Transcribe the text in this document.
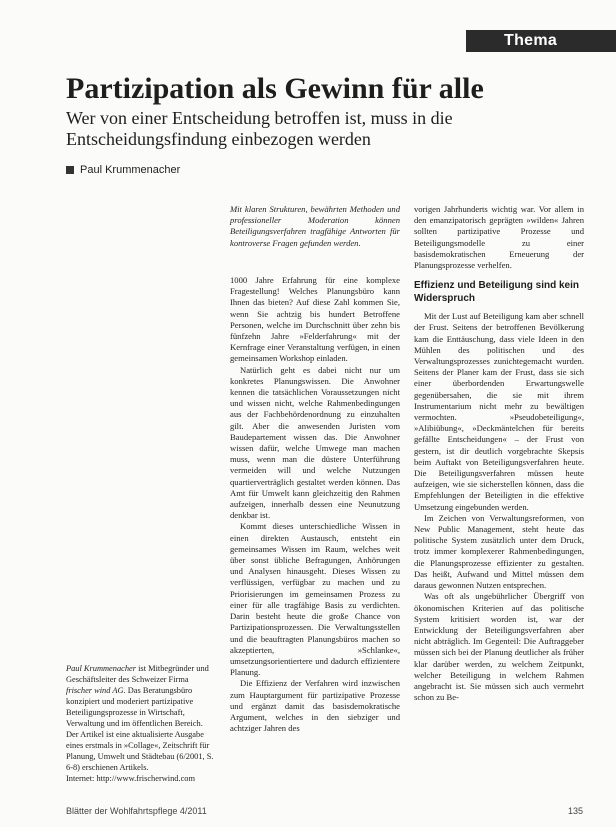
Thema
Partizipation als Gewinn für alle
Wer von einer Entscheidung betroffen ist, muss in die Entscheidungsfindung einbezogen werden
Paul Krummenacher

Mit klaren Strukturen, bewährten Methoden und professioneller Moderation können Beteiligungsverfahren tragfähige Antworten für kontroverse Fragen gefunden werden.

1000 Jahre Erfahrung für eine komplexe Fragestellung! Welches Planungsbüro kann Ihnen das bieten? Auf diese Zahl kommen Sie, wenn Sie achtzig bis hundert Betroffene Personen, welche im Durchschnitt über zehn bis fünfzehn Jahre »Felderfahrung« mit der Kernfrage einer Veranstaltung verfügen, in einen gemeinsamen Workshop einladen.

Natürlich geht es dabei nicht nur um konkretes Planungswissen. Die Anwohner kennen die tatsächlichen Voraussetzungen nicht und wissen nicht, welche Rahmenbedingungen aus der Fachbehördenordnung zu einzuhalten gilt. Aber die anwesenden Juristen vom Baudepartement wissen das. Die Anwohner wissen dafür, welche Umwege man machen muss, wenn man die düstere Unterführung vermeiden will und welche Nutzungen quartierverträglich gestaltet werden können. Das Amt für Umwelt kann gleichzeitig den Rahmen aufzeigen, innerhalb dessen eine Neunutzung denkbar ist.

Kommt dieses unterschiedliche Wissen in einen direkten Austausch, entsteht ein gemeinsames Wissen im Raum, welches weit über sonst übliche Befragungen, Anhörungen und Analysen hinausgeht. Dieses Wissen zu verflüssigen, verfügbar zu machen und zu Priorisierungen im gemeinsamen Prozess zu einer für alle tragfähige Basis zu verdichten. Darin besteht heute die große Chance von Partizipationsprozessen. Die Verwaltungsstellen und die beauftragten Planungsbüros machen so akzeptierten, »Schlanke«, umsetzungsorientiertere und dadurch effizientere Planung.

Die Effizienz der Verfahren wird inzwischen zum Hauptargument für partizipative Prozesse und ergänzt damit das basisdemokratische Argument, welches in den siebziger und achtziger Jahren des

vorigen Jahrhunderts wichtig war. Vor allem in den emanzipatorisch geprägten »wilden« Jahren sollten partizipative Prozesse und Beteiligungsmodelle zu einer basisdemokratischen Erneuerung der Planungsprozesse verhelfen.

Effizienz und Beteiligung sind kein Widerspruch

Mit der Lust auf Beteiligung kam aber schnell der Frust. Seitens der betroffenen Bevölkerung kam die Enttäuschung, dass viele Ideen in den Mühlen des politischen und des Verwaltungsprozesses zunichtegemacht wurden. Seitens der Planer kam der Frust, dass sie sich einer überbordenden Erwartungswelle gegenübersahen, die sie mit ihrem Instrumentarium nicht mehr zu bewältigen vermochten. »Pseudobeteiligung«, »Alibiübung«, »Deckmäntelchen für bereits gefällte Entscheidungen« – der Frust von gestern, ist dir deutlich vorgebrachte Skepsis beim Auftakt von Beteiligungsverfahren heute. Die Beteiligungsverfahren müssen heute aufzeigen, wie sie sicherstellen können, dass die Empfehlungen der Beteiligten in die effektive Umsetzung eingebunden werden.

Im Zeichen von Verwaltungsreformen, von New Public Management, steht heute das politische System zusätzlich unter dem Druck, trotz immer komplexerer Rahmenbedingungen, die Planungsprozesse effizienter zu gestalten. Das heißt, Aufwand und Mittel müssen dem daraus gewonnen Nutzen entsprechen.

Was oft als ungebührlicher Übergriff von ökonomischen Kriterien auf das politische System kritisiert worden ist, war der Entwicklung der Beteiligungsverfahren aber nicht abträglich. Im Gegenteil: Die Auftraggeber müssen sich bei der Planung deutlicher als früher klar darüber werden, zu welchem Zeitpunkt, welcher Beteiligung in welchem Rahmen angebracht ist. Sie müssen sich auch vermehrt schon zu Be-

Paul Krummenacher ist Mitbegründer und Geschäftsleiter des Schweizer Firma frischer wind AG. Das Beratungsbüro konzipiert und moderiert partizipative Beteiligungsprozesse in Wirtschaft, Verwaltung und im öffentlichen Bereich. Der Artikel ist eine aktualisierte Ausgabe eines erstmals in »Collage«, Zeitschrift für Planung, Umwelt und Städtebau (6/2001, S. 6-8) erschienen Artikels.

Internet: http://www.frischerwind.com

Blätter der Wohlfahrtspflege 4/2011	135
